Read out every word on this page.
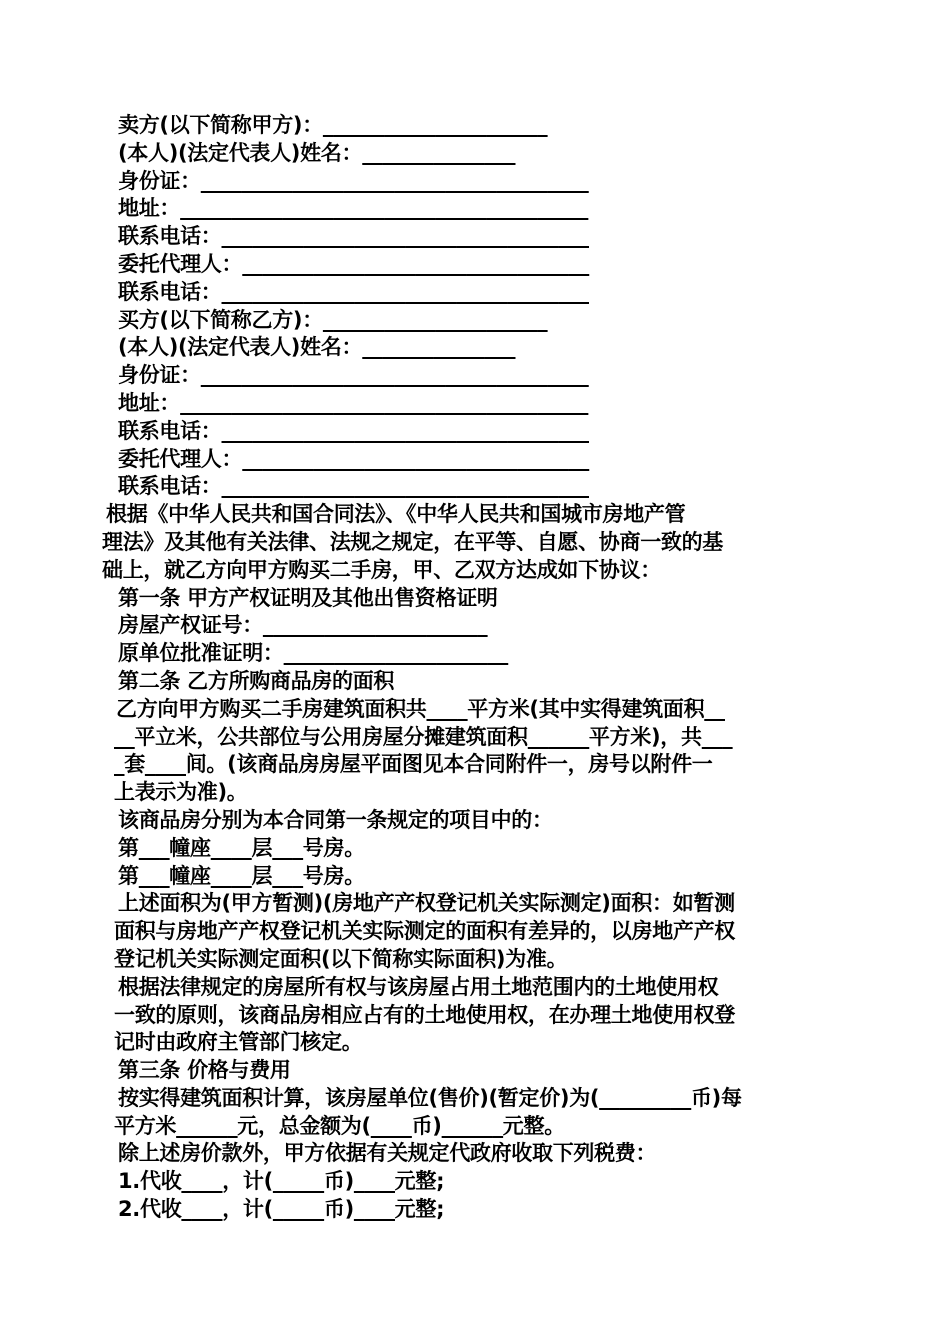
卖方(以下简称甲方)：______________________
(本人)(法定代表人)姓名：_______________
身份证：______________________________________
地址：________________________________________
联系电话：____________________________________
委托代理人：__________________________________
联系电话：____________________________________
买方(以下简称乙方)：______________________
(本人)(法定代表人)姓名：_______________
身份证：______________________________________
地址：________________________________________
联系电话：____________________________________
委托代理人：__________________________________
联系电话：____________________________________
根据《中华人民共和国合同法》、《中华人民共和国城市房地产管
理法》及其他有关法律、法规之规定，在平等、自愿、协商一致的基
础上，就乙方向甲方购买二手房，甲、乙双方达成如下协议：
第一条 甲方产权证明及其他出售资格证明
房屋产权证号：______________________
原单位批准证明：______________________
第二条 乙方所购商品房的面积
乙方向甲方购买二手房建筑面积共____平方米(其中实得建筑面积__
__平立米，公共部位与公用房屋分摊建筑面积______平方米)，共___
_套____间。(该商品房房屋平面图见本合同附件一，房号以附件一
上表示为准)。
该商品房分别为本合同第一条规定的项目中的：
第___幢座____层___号房。
第___幢座____层___号房。
上述面积为(甲方暂测)(房地产产权登记机关实际测定)面积：如暂测
面积与房地产产权登记机关实际测定的面积有差异的，以房地产产权
登记机关实际测定面积(以下简称实际面积)为准。
根据法律规定的房屋所有权与该房屋占用土地范围内的土地使用权
一致的原则，该商品房相应占有的土地使用权，在办理土地使用权登
记时由政府主管部门核定。
第三条 价格与费用
按实得建筑面积计算，该房屋单位(售价)(暂定价)为(_________币)每
平方米______元，总金额为(____币)______元整。
除上述房价款外，甲方依据有关规定代政府收取下列税费：
1.代收____，计(_____币)____元整;
2.代收____，计(_____币)____元整;
